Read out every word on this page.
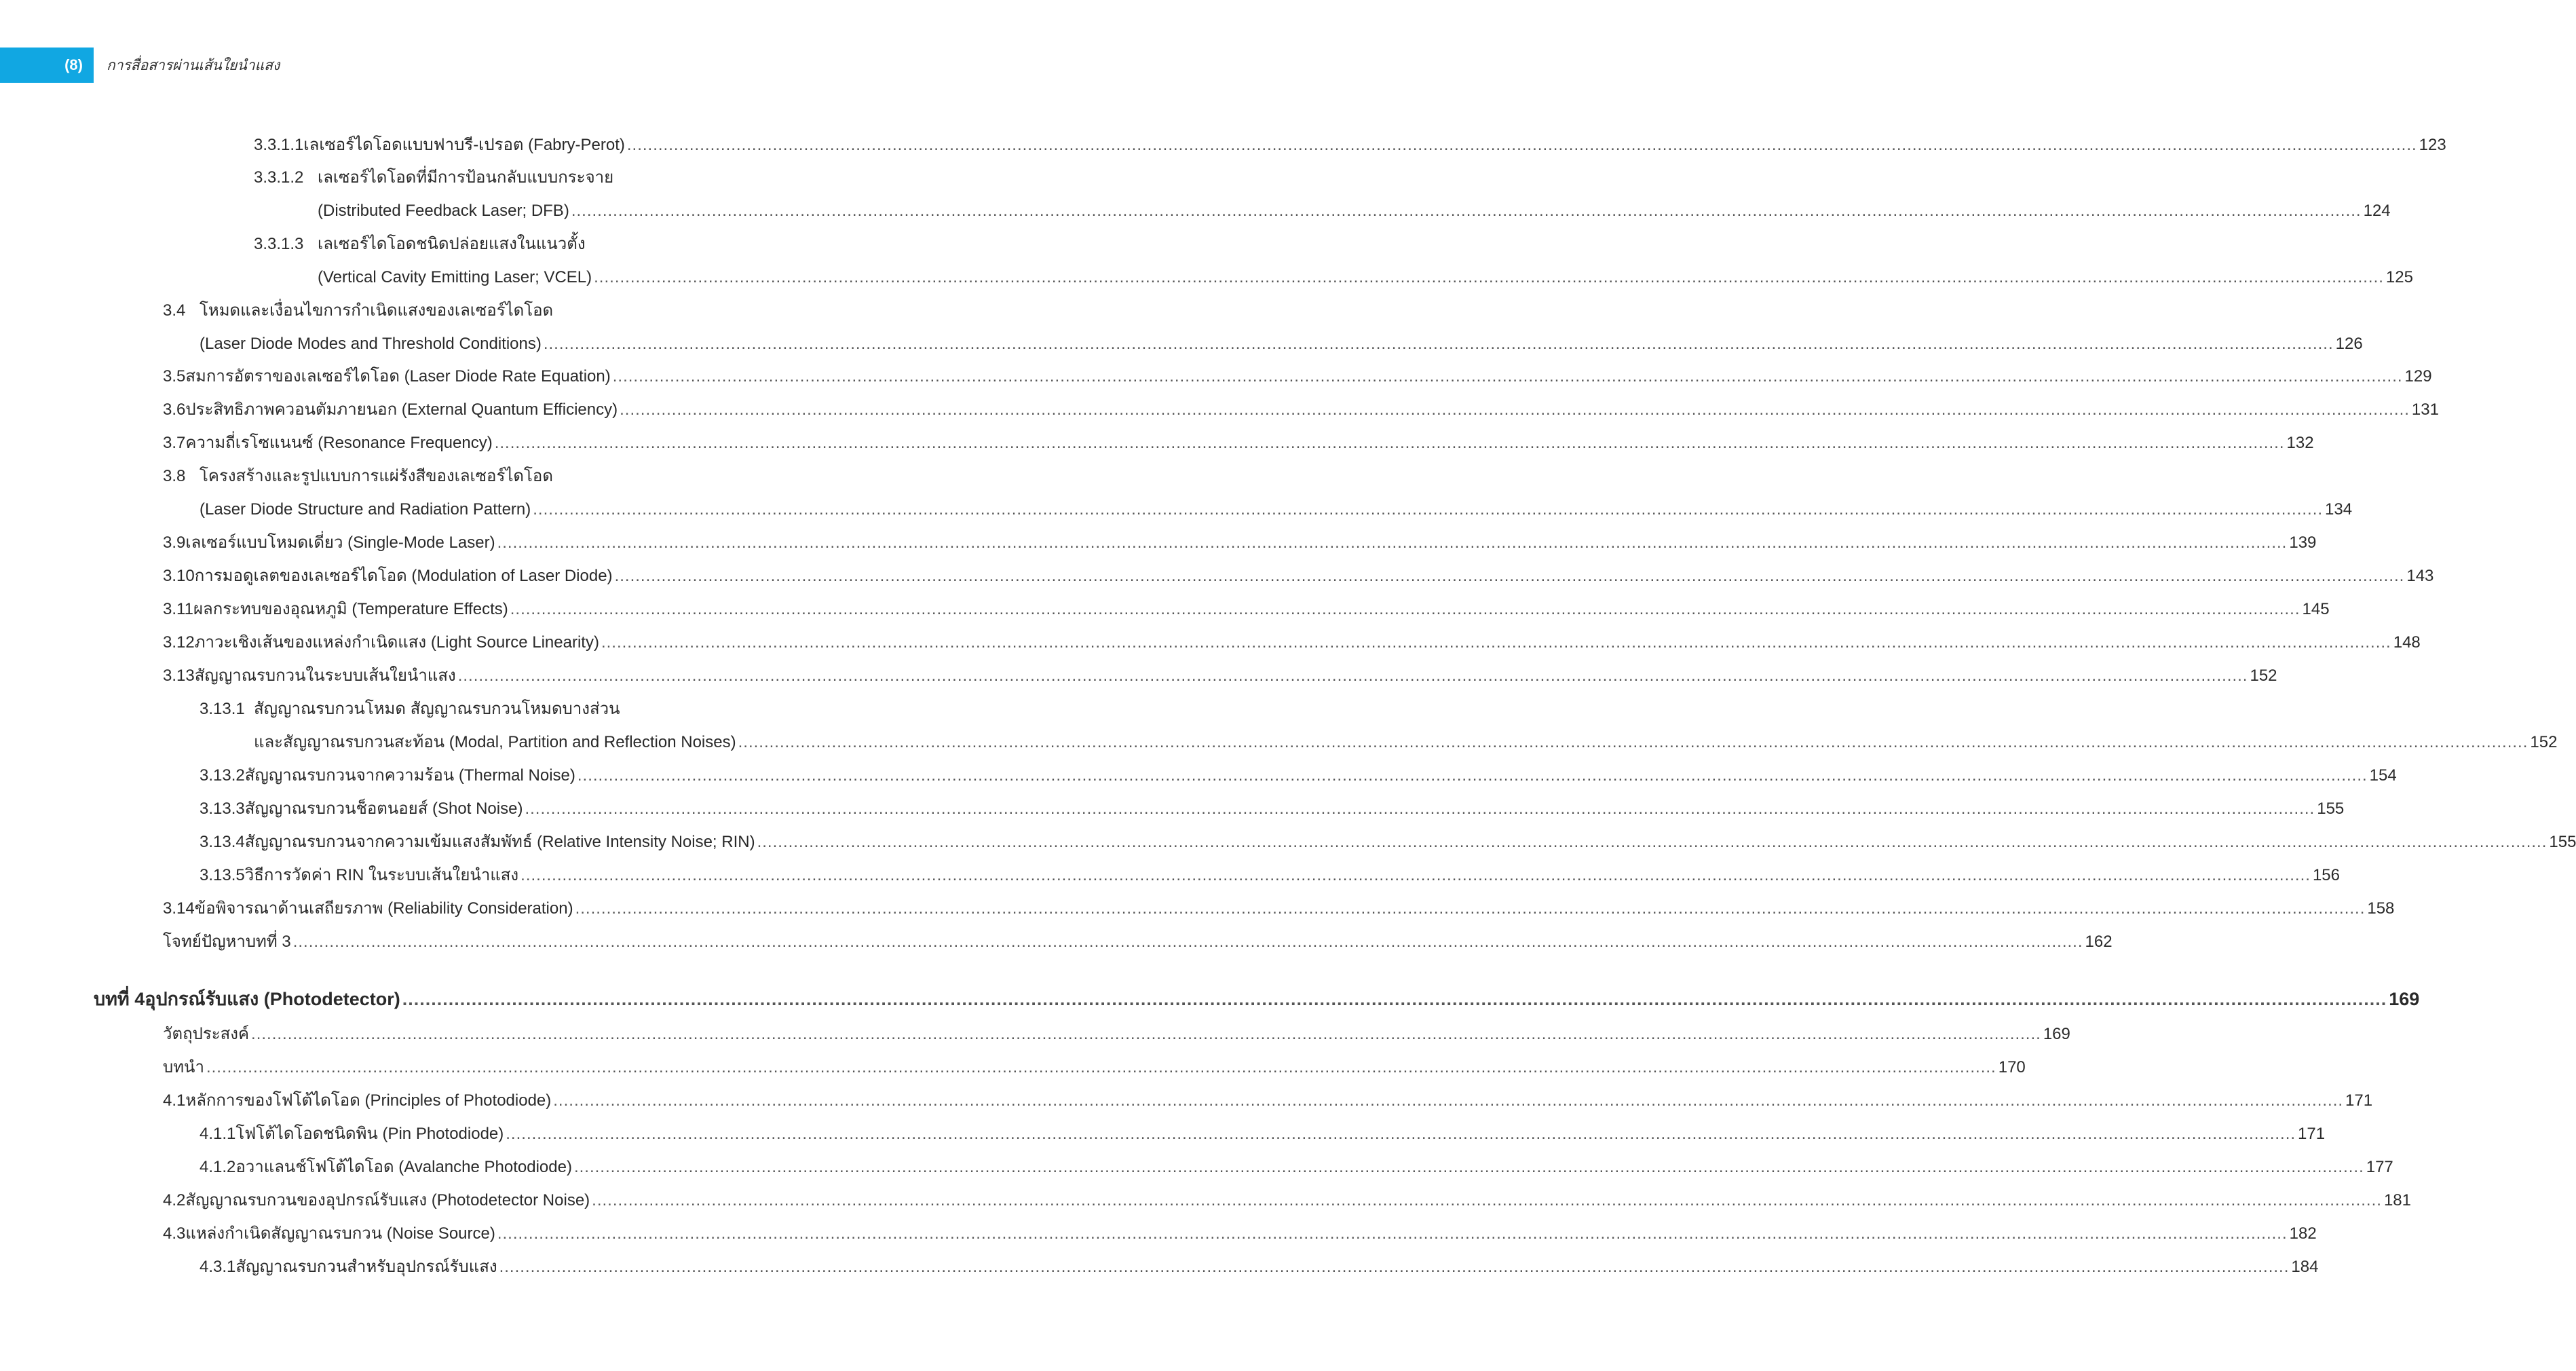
(8)	การสื่อสารผ่านเส้นใยนำแสง
3.3.1.1 เลเซอร์ไดโอดแบบฟาบรี-เปรอต (Fabry-Perot) .....	123
3.3.1.2 เลเซอร์ไดโอดที่มีการป้อนกลับแบบกระจาย
(Distributed Feedback Laser; DFB) .....	124
3.3.1.3 เลเซอร์ไดโอดชนิดปล่อยแสงในแนวตั้ง
(Vertical Cavity Emitting Laser; VCEL) .....	125
3.4 โหมดและเงื่อนไขการกำเนิดแสงของเลเซอร์ไดโอด
(Laser Diode Modes and Threshold Conditions) .....	126
3.5 สมการอัตราของเลเซอร์ไดโอด (Laser Diode Rate Equation) .....	129
3.6 ประสิทธิภาพควอนตัมภายนอก (External Quantum Efficiency) .....	131
3.7 ความถี่เรโซแนนซ์ (Resonance Frequency) .....	132
3.8 โครงสร้างและรูปแบบการแผ่รังสีของเลเซอร์ไดโอด
(Laser Diode Structure and Radiation Pattern) .....	134
3.9 เลเซอร์แบบโหมดเดี่ยว (Single-Mode Laser) .....	139
3.10 การมอดูเลตของเลเซอร์ไดโอด (Modulation of Laser Diode) .....	143
3.11 ผลกระทบของอุณหภูมิ (Temperature Effects) .....	145
3.12 ภาวะเชิงเส้นของแหล่งกำเนิดแสง (Light Source Linearity) .....	148
3.13 สัญญาณรบกวนในระบบเส้นใยนำแสง .....	152
3.13.1 สัญญาณรบกวนโหมด สัญญาณรบกวนโหมดบางส่วน
และสัญญาณรบกวนสะท้อน (Modal, Partition and Reflection Noises) .....	152
3.13.2 สัญญาณรบกวนจากความร้อน (Thermal Noise) .....	154
3.13.3 สัญญาณรบกวนช็อตนอยส์ (Shot Noise) .....	155
3.13.4 สัญญาณรบกวนจากความเข้มแสงสัมพัทธ์ (Relative Intensity Noise; RIN) .....	155
3.13.5 วิธีการวัดค่า RIN ในระบบเส้นใยนำแสง .....	156
3.14 ข้อพิจารณาด้านเสถียรภาพ (Reliability Consideration) .....	158
โจทย์ปัญหาบทที่ 3 .....	162
บทที่ 4 อุปกรณ์รับแสง (Photodetector) .....	169
วัตถุประสงค์ .....	169
บทนำ .....	170
4.1 หลักการของโฟโต้ไดโอด (Principles of Photodiode) .....	171
4.1.1 โฟโต้ไดโอดชนิดพิน (Pin Photodiode) .....	171
4.1.2 อวาแลนช์โฟโต้ไดโอด (Avalanche Photodiode) .....	177
4.2 สัญญาณรบกวนของอุปกรณ์รับแสง (Photodetector Noise) .....	181
4.3 แหล่งกำเนิดสัญญาณรบกวน (Noise Source) .....	182
4.3.1 สัญญาณรบกวนสำหรับอุปกรณ์รับแสง .....	184
